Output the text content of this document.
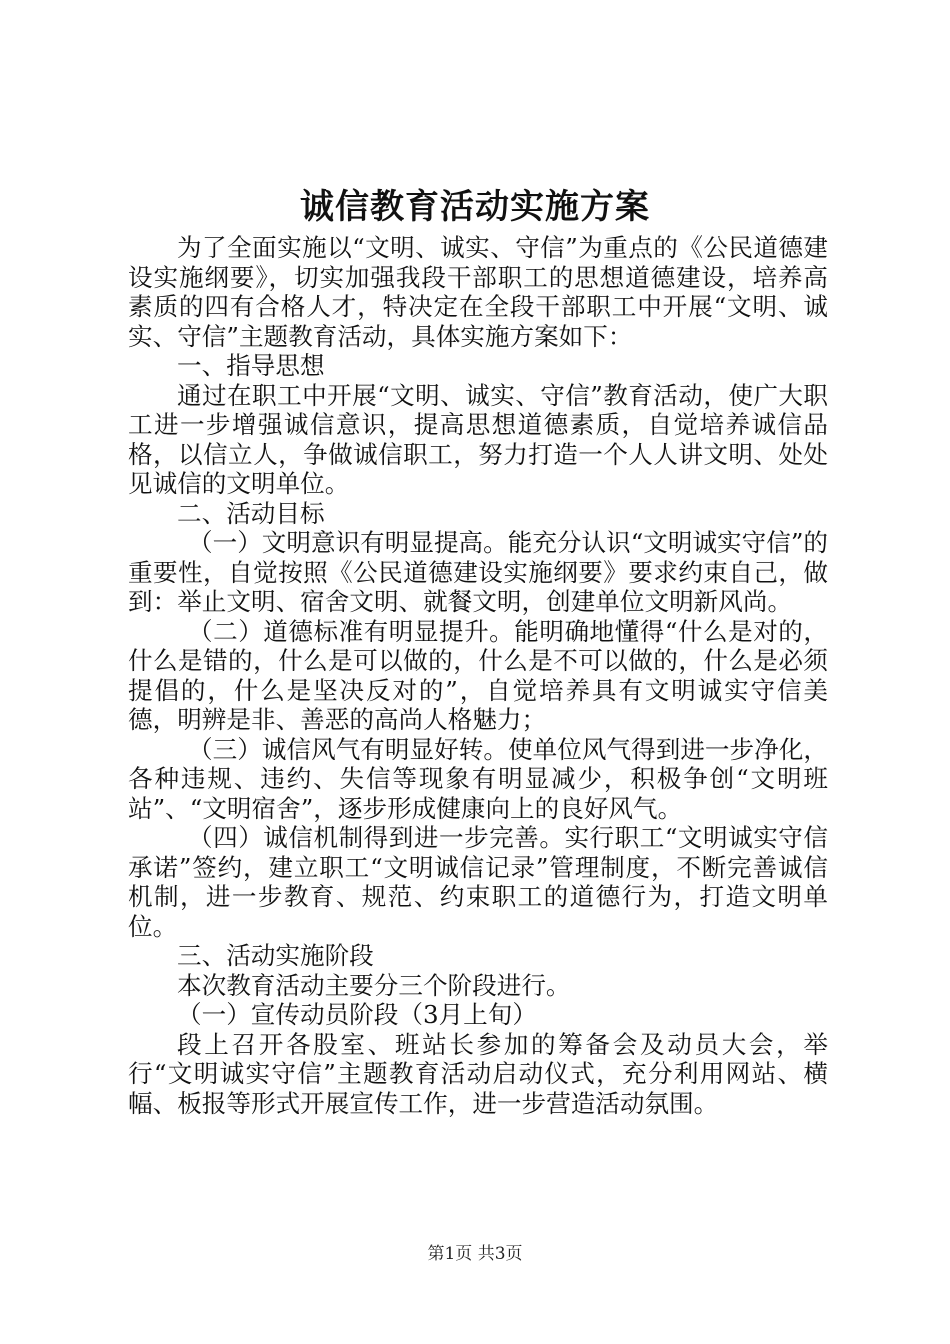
诚信教育活动实施方案

为了全面实施以“文明、诚实、守信”为重点的《公民道德建设实施纲要》，切实加强我段干部职工的思想道德建设，培养高素质的四有合格人才，特决定在全段干部职工中开展“文明、诚实、守信”主题教育活动，具体实施方案如下：

一、指导思想

通过在职工中开展“文明、诚实、守信”教育活动，使广大职工进一步增强诚信意识，提高思想道德素质，自觉培养诚信品格，以信立人，争做诚信职工，努力打造一个人人讲文明、处处见诚信的文明单位。

二、活动目标

（一）文明意识有明显提高。能充分认识“文明诚实守信”的重要性，自觉按照《公民道德建设实施纲要》要求约束自己，做到：举止文明、宿舍文明、就餐文明，创建单位文明新风尚。

（二）道德标准有明显提升。能明确地懂得“什么是对的，什么是错的，什么是可以做的，什么是不可以做的，什么是必须提倡的，什么是坚决反对的”，自觉培养具有文明诚实守信美德，明辨是非、善恶的高尚人格魅力；

（三）诚信风气有明显好转。使单位风气得到进一步净化，各种违规、违约、失信等现象有明显减少，积极争创“文明班站”、“文明宿舍”，逐步形成健康向上的良好风气。

（四）诚信机制得到进一步完善。实行职工“文明诚实守信承诺”签约，建立职工“文明诚信记录”管理制度，不断完善诚信机制，进一步教育、规范、约束职工的道德行为，打造文明单位。

三、活动实施阶段

本次教育活动主要分三个阶段进行。

（一）宣传动员阶段（3月上旬）

段上召开各股室、班站长参加的筹备会及动员大会，举行“文明诚实守信”主题教育活动启动仪式，充分利用网站、横幅、板报等形式开展宣传工作，进一步营造活动氛围。

第1页 共3页
